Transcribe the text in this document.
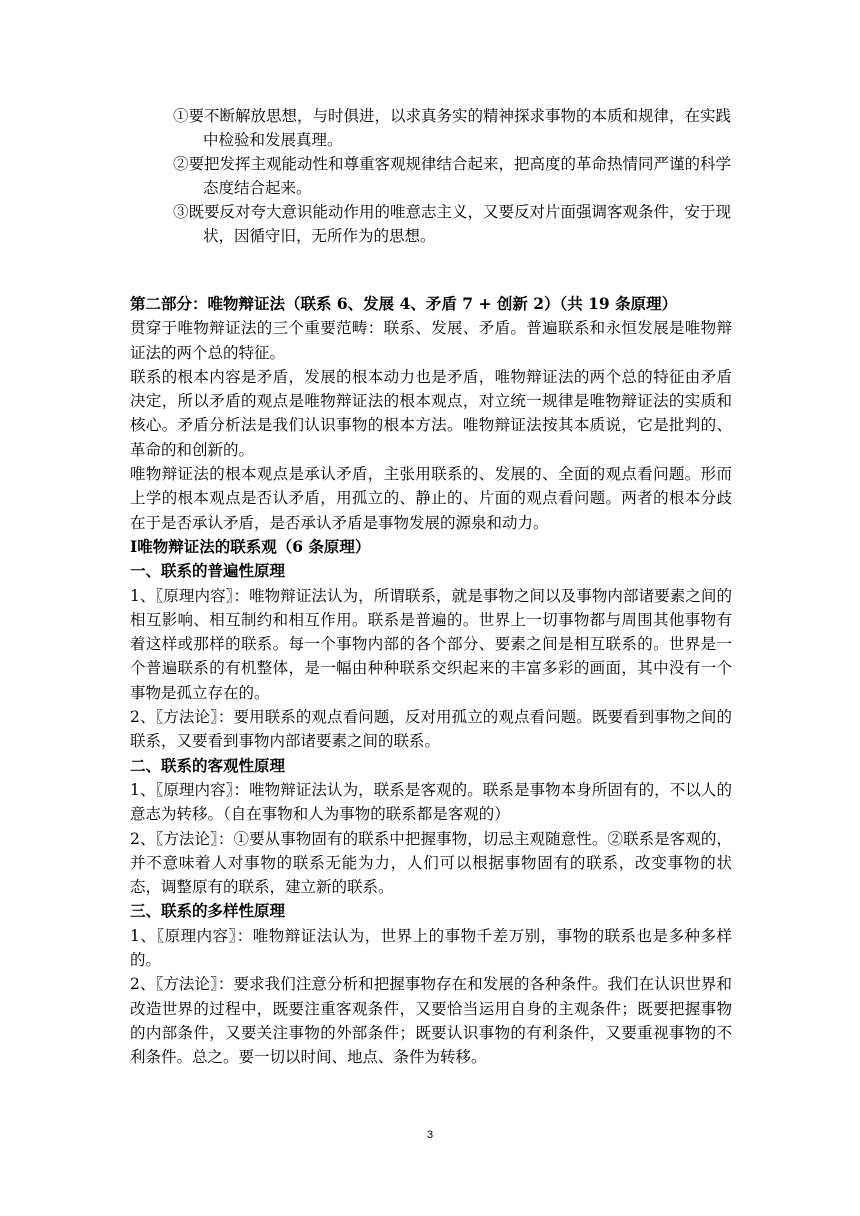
①要不断解放思想，与时俱进，以求真务实的精神探求事物的本质和规律，在实践中检验和发展真理。

②要把发挥主观能动性和尊重客观规律结合起来，把高度的革命热情同严谨的科学态度结合起来。

③既要反对夸大意识能动作用的唯意志主义，又要反对片面强调客观条件，安于现状，因循守旧，无所作为的思想。

第二部分：唯物辩证法（联系 6、发展 4、矛盾 7 + 创新 2）（共 19 条原理）

贯穿于唯物辩证法的三个重要范畴：联系、发展、矛盾。普遍联系和永恒发展是唯物辩证法的两个总的特征。

联系的根本内容是矛盾，发展的根本动力也是矛盾，唯物辩证法的两个总的特征由矛盾决定，所以矛盾的观点是唯物辩证法的根本观点，对立统一规律是唯物辩证法的实质和核心。矛盾分析法是我们认识事物的根本方法。唯物辩证法按其本质说，它是批判的、革命的和创新的。

唯物辩证法的根本观点是承认矛盾，主张用联系的、发展的、全面的观点看问题。形而上学的根本观点是否认矛盾，用孤立的、静止的、片面的观点看问题。两者的根本分歧在于是否承认矛盾，是否承认矛盾是事物发展的源泉和动力。

Ⅰ唯物辩证法的联系观（6 条原理）

一、联系的普遍性原理

1、〖原理内容〗：唯物辩证法认为，所谓联系，就是事物之间以及事物内部诸要素之间的相互影响、相互制约和相互作用。联系是普遍的。世界上一切事物都与周围其他事物有着这样或那样的联系。每一个事物内部的各个部分、要素之间是相互联系的。世界是一个普遍联系的有机整体，是一幅由种种联系交织起来的丰富多彩的画面，其中没有一个事物是孤立存在的。

2、〖方法论〗：要用联系的观点看问题，反对用孤立的观点看问题。既要看到事物之间的联系，又要看到事物内部诸要素之间的联系。

二、联系的客观性原理

1、〖原理内容〗：唯物辩证法认为，联系是客观的。联系是事物本身所固有的，不以人的意志为转移。（自在事物和人为事物的联系都是客观的）

2、〖方法论〗：①要从事物固有的联系中把握事物，切忌主观随意性。②联系是客观的，并不意味着人对事物的联系无能为力，人们可以根据事物固有的联系，改变事物的状态，调整原有的联系，建立新的联系。

三、联系的多样性原理

1、〖原理内容〗：唯物辩证法认为，世界上的事物千差万别，事物的联系也是多种多样的。

2、〖方法论〗：要求我们注意分析和把握事物存在和发展的各种条件。我们在认识世界和改造世界的过程中，既要注重客观条件，又要恰当运用自身的主观条件；既要把握事物的内部条件，又要关注事物的外部条件；既要认识事物的有利条件，又要重视事物的不利条件。总之。要一切以时间、地点、条件为转移。

3
